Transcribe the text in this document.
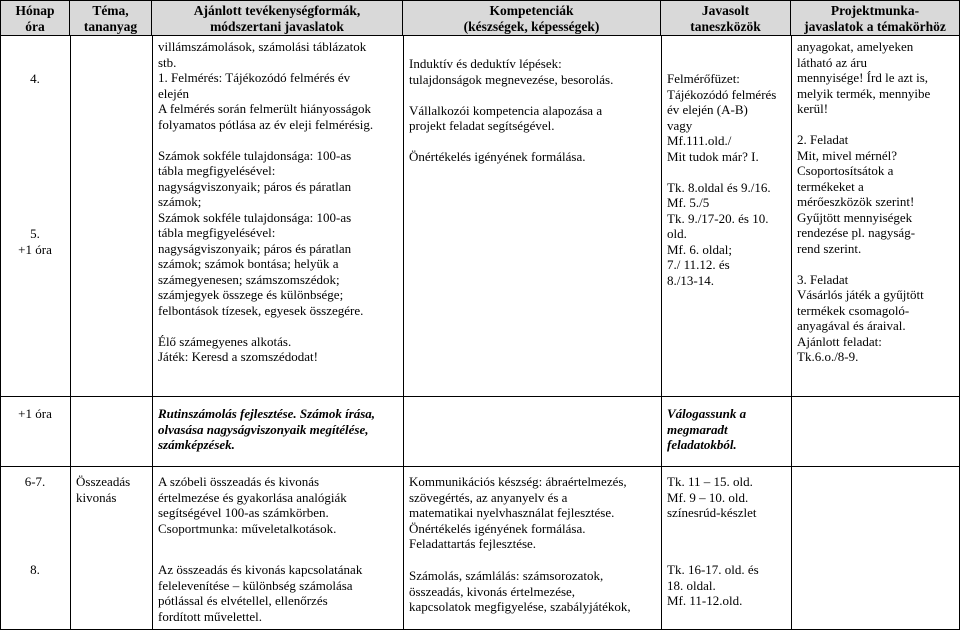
Hónap
óra
Téma,
tananyag
Ajánlott tevékenységformák,
módszertani javaslatok
Kompetenciák
(készségek, képességek)
Javasolt
taneszközök
Projektmunka-
javaslatok a témakörhöz
4.
5.
+1 óra
villámszámolások, számolási táblázatok
stb.
1. Felmérés: Tájékozódó felmérés év
elején
A felmérés során felmerült hiányosságok
folyamatos pótlása az év eleji felmérésig.
Számok sokféle tulajdonsága: 100-as
tábla megfigyelésével:
nagyságviszonyaik; páros és páratlan
számok;
Számok sokféle tulajdonsága: 100-as
tábla megfigyelésével:
nagyságviszonyaik; páros és páratlan
számok; számok bontása; helyük a
számegyenesen; számszomszédok;
számjegyek összege és különbsége;
felbontások tízesek, egyesek összegére.
Élő számegyenes alkotás.
Játék: Keresd a szomszédodat!
Induktív és deduktív lépések:
tulajdonságok megnevezése, besorolás.
Vállalkozói kompetencia alapozása a
projekt feladat segítségével.
Önértékelés igényének formálása.
Felmérőfüzet:
Tájékozódó felmérés
év elején (A-B)
vagy
Mf.111.old./
Mit tudok már? I.
Tk. 8.oldal és 9./16.
Mf. 5./5
Tk. 9./17-20. és 10.
old.
Mf. 6. oldal;
7./ 11.12. és
8./13-14.
anyagokat, amelyeken
látható az áru
mennyisége! Írd le azt is,
melyik termék, mennyibe
kerül!
2. Feladat
Mit, mivel mérnél?
Csoportosítsátok a
termékeket a
mérőeszközök szerint!
Gyűjtött mennyiségek
rendezése pl. nagyság-
rend szerint.
3. Feladat
Vásárlós játék a gyűjtött
termékek csomagoló-
anyagával és áraival.
Ajánlott feladat:
Tk.6.o./8-9.
+1 óra	Rutinszámolás fejlesztése. Számok írása,
olvasása nagyságviszonyaik megítélése,
számképzések.
Válogassunk a
megmaradt
feladatokból.
6-7.
8.
Összeadás
kivonás
A szóbeli összeadás és kivonás
értelmezése és gyakorlása analógiák
segítségével 100-as számkörben.
Csoportmunka: műveletalkotások.
Az összeadás és kivonás kapcsolatának
felelevenítése – különbség számolása
pótlással és elvétellel, ellenőrzés
fordított művelettel.
Kommunikációs készség: ábraértelmezés,
szövegértés, az anyanyelv és a
matematikai nyelvhasználat fejlesztése.
Önértékelés igényének formálása.
Feladattartás fejlesztése.
Számolás, számlálás: számsorozatok,
összeadás, kivonás értelmezése,
kapcsolatok megfigyelése, szabályjátékok,
Tk. 11 – 15. old.
Mf. 9 – 10. old.
színesrúd-készlet
Tk. 16-17. old. és
18. oldal.
Mf. 11-12.old.
